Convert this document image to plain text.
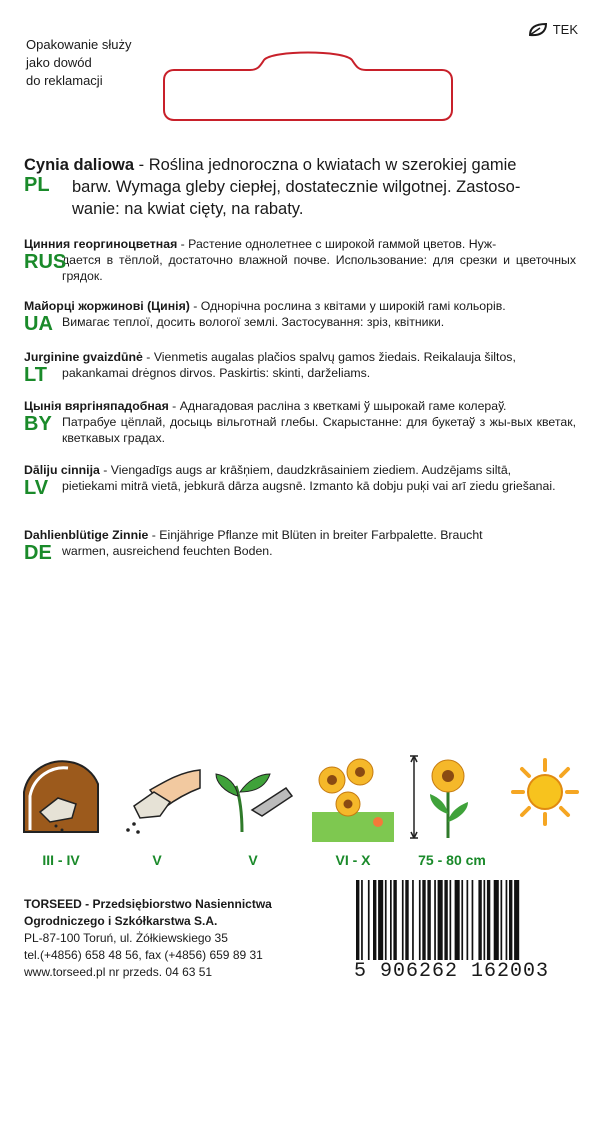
Opakowanie służy
jako dowód
do reklamacji
TEK
PL
Cynia daliowa - Roślina jednoroczna o kwiatach w szerokiej gamie
barw. Wymaga gleby ciepłej, dostatecznie wilgotnej. Zastoso-
wanie: na kwiat cięty, na rabaty.
RUS
Цинния георгиноцветная - Растение однолетнее с широкой гаммой цветов. Нуж-
дается в тёплой, достаточно влажной почве. Использование: для срезки и цветочных грядок.
UA
Майорці жоржинові (Цинія) - Однорічна рослина з квітами у широкій гамі кольорів.
Вимагає теплої, досить вологої землі. Застосування: зріз, квітники.
LT
Jurginine gvaizdūnė - Vienmetis augalas plačios spalvų gamos žiedais. Reikalauja šiltos,
pakankamai drėgnos dirvos. Paskirtis: skinti, darželiams.
BY
Цынія вяргіняпадобная - Аднагадовая расліна з кветкамі ў шырокай гаме колераў.
Патрабуе цёплай, досыць вільготнай глебы. Скарыстанне: для букетаў з жы-вых кветак, кветкавых градах.
LV
Dāliju cinnija - Viengadīgs augs ar krāšņiem, daudzkrāsainiem ziediem. Audzējams siltā,
pietiekami mitrā vietā, jebkurā dārza augsnē. Izmanto kā dobju puķi vai arī ziedu griešanai.
DE
Dahlienblütige Zinnie - Einjährige Pflanze mit Blüten in breiter Farbpalette. Braucht
warmen, ausreichend feuchten Boden.
III - IV	V	V	VI - X	75 - 80 cm
TORSEED - Przedsiębiorstwo Nasiennictwa
Ogrodniczego i Szkółkarstwa S.A.
PL-87-100 Toruń, ul. Żółkiewskiego 35
tel.(+4856) 658 48 56, fax (+4856) 659 89 31
www.torseed.pl nr przeds. 04 63 51	5 906262 162003
